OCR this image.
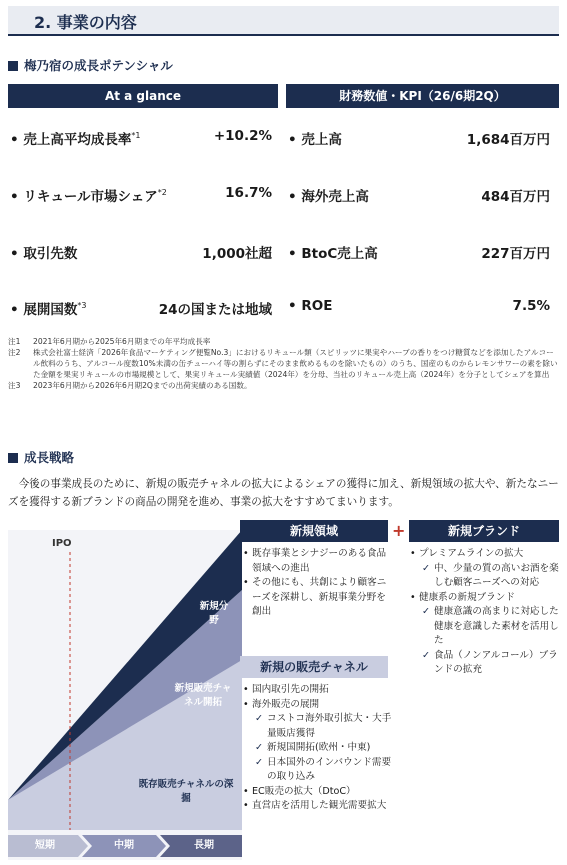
2. 事業の内容
梅乃宿の成長ポテンシャル
At a glance	財務数値・KPI（26/6期2Q）
• 売上高平均成長率$^{*1}$	+10.2%
• リキュール市場シェア$^{*2}$	16.7%
• 取引先数	1,000社超
• 展開国数$^{*3}$	24の国または地域
• 売上高	1,684百万円
• 海外売上高	484百万円
• BtoC売上高	227百万円
• ROE	7.5%
注1 2021年6月期から2025年6月期までの年平均成長率
注2 株式会社富士経済「2026年食品マーケティング便覧No.3」におけるリキュール類（スピリッツに果実やハーブの香りをつけ糖質などを添加したアルコール飲料のうち、アルコール度数10%未満の缶チューハイ等の割らずにそのまま飲めるものを除いたもの）のうち、国産のものからレモンサワーの素を除いた金額を果実リキュールの市場規模として、果実リキュール実績値（2024年）を分母、当社のリキュール売上高（2024年）を分子としてシェアを算出
注3 2023年6月期から2026年6月期2Qまでの出荷実績のある国数。
成長戦略
今後の事業成長のために、新規の販売チャネルの拡大によるシェアの獲得に加え、新規領域の拡大や、新たなニーズを獲得する新ブランドの商品の開発を進め、事業の拡大をすすめてまいります。
IPO
新規分野
新規販売チャネル開拓
既存販売チャネルの深掘
短期	中期	長期
新規領域	+
• 既存事業とシナジーのある食品領域への進出
• その他にも、共創により顧客ニーズを深耕し、新規事業分野を創出
新規ブランド
• プレミアムラインの拡大
✓ 中、少量の質の高いお酒を楽しむ顧客ニーズへの対応
• 健康系の新規ブランド
✓ 健康意識の高まりに対応した健康を意識した素材を活用した
✓ 食品（ノンアルコール）ブランドの拡充
新規の販売チャネル
• 国内取引先の開拓
• 海外販売の展開
✓ コストコ海外取引拡大・大手量販店獲得
✓ 新規国開拓(欧州・中東)
✓ 日本国外のインバウンド需要の取り込み
• EC販売の拡大（DtoC）
• 直営店を活用した観光需要拡大
